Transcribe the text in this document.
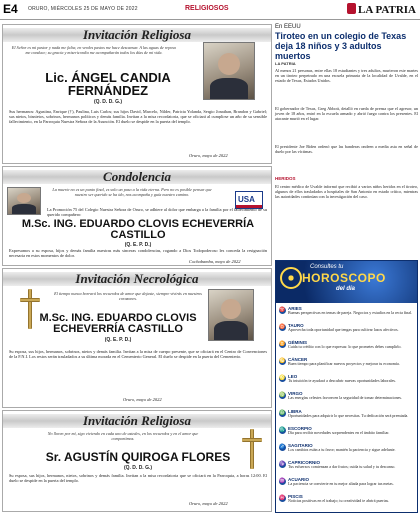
E4 ORURO, MIÉRCOLES 25 DE MAYO DE 2022	RELIGIOSOS	LA PATRIA
Invitación Religiosa
El Señor es mi pastor y nada me falta; en verdes pastos me hace descansar. A las aguas de reposo me conduce; su gracia y misericordia me acompañarán todos los días de mi vida.
Lic. ÁNGEL CANDIA FERNÁNDEZ
(Q. D. D. G.)
Sus hermanos: Agustina, Enrique (†), Paulina, Luis Carlos; sus hijos David, Marcelo, Nilder, Patricia Yolanda, Sergio Jonathan, Brandon y Gabriel; sus nietos, bisnietos, sobrinos, hermanos políticos y demás familia. Invitan a la misa recordatoria, que se oficiará al cumplirse un año de su sensible fallecimiento, en la Parroquia Nuestra Señora de la Asunción. El duelo se despide en la puerta del templo.
Oruro, mayo de 2022
Condolencia
La muerte no es un punto final, es solo un paso a la vida eterna. Pero no es posible pensar que nuestro ser querido se ha ido, nos acompaña y guía nuestro camino.
USA
La Promoción 75 del Colegio Nuestra Señora de Oruro, se adhiere al dolor que embarga a la familia por el fallecimiento de su querido compañero:
M.Sc. ING. EDUARDO CLOVIS ECHEVERRÍA CASTILLO
(Q. E. P. D.)
Expresamos a su esposa, hijos y demás familia nuestras más sinceras condolencias, rogando a Dios Todopoderoso les conceda la resignación necesaria en estos momentos de dolor.
Cochabamba, mayo de 2022
Invitación Necrológica
El tiempo nunca borrará los recuerdos de amor que dejaste, siempre vivirás en nuestros corazones.
M.Sc. ING. EDUARDO CLOVIS ECHEVERRÍA CASTILLO
(Q. E. P. D.)
Su esposa, sus hijos, hermanos, sobrinos, nietos y demás familia. Invitan a la misa de cuerpo presente, que se oficiará en el Centro de Convenciones de la F.N.I. Los restos serán trasladados a su última morada en el Cementerio General. El duelo se despide en la puerta del Cementerio.
Oruro, mayo de 2022
Invitación Religiosa
No lloren por mí, sigo viviendo en cada uno de ustedes, en los recuerdos y en el amor que compartimos.
Sr. AGUSTÍN QUIROGA FLORES
(Q. D. D. G.)
Su esposa, sus hijos, hermanos, nietos, sobrinos y demás familia. Invitan a la misa recordatoria que se oficiará en la Parroquia, a horas 12:00. El duelo se despide en la puerta del templo.
Oruro, mayo de 2022
En EEUU
Tiroteo en un colegio de Texas deja 18 niños y 3 adultos muertos
LA PATRIA
Al menos 21 personas, entre ellas 18 estudiantes y tres adultos, murieron este martes en un tiroteo perpetrado en una escuela primaria de la localidad de Uvalde, en el estado de Texas, Estados Unidos.
El gobernador de Texas, Greg Abbott, detalló en rueda de prensa que el agresor, un joven de 18 años, entró en la escuela armado y abrió fuego contra los presentes. El atacante murió en el lugar.
El presidente Joe Biden ordenó que las banderas ondeen a media asta en señal de duelo por las víctimas.
HERIDOS
El centro médico de Uvalde informó que recibió a varios niños heridos en el tiroteo, algunos de ellos trasladados a hospitales de San Antonio en estado crítico, mientras las autoridades continúan con la investigación del caso.
Consultes tu
HOROSCOPO
del día
♈ ARIES
Buenas perspectivas en temas de pareja. Negocios y estudios en la recta final.
♉ TAURO
Aprovecha toda oportunidad que tengas para cultivar lazos afectivos.
♊ GÉMINIS
Cuida tu crédito con lo que expresas: lo que prometes debes cumplirlo.
♋ CÁNCER
Buen tiempo para planificar nuevos proyectos y mejorar tu economía.
♌ LEO
Tu intuición te ayudará a descubrir nuevas oportunidades laborales.
♍ VIRGO
Las energías celestes favorecen la seguridad de tomar determinaciones.
♎ LIBRA
Oportunidades para adquirir lo que necesitas. Tu dedicación será premiada.
♏ ESCORPIO
Día para recibir novedades sorprendentes en el ámbito familiar.
♐ SAGITARIO
Los cambios están a tu favor; mantén la paciencia y sigue adelante.
♑ CAPRICORNIO
Tus esfuerzos comienzan a dar frutos; cuida tu salud y tu descanso.
♒ ACUARIO
La paciencia se convierte en tu mejor aliada para lograr tus metas.
♓ PISCIS
Noticias positivas en el trabajo; tu creatividad te abrirá puertas.
